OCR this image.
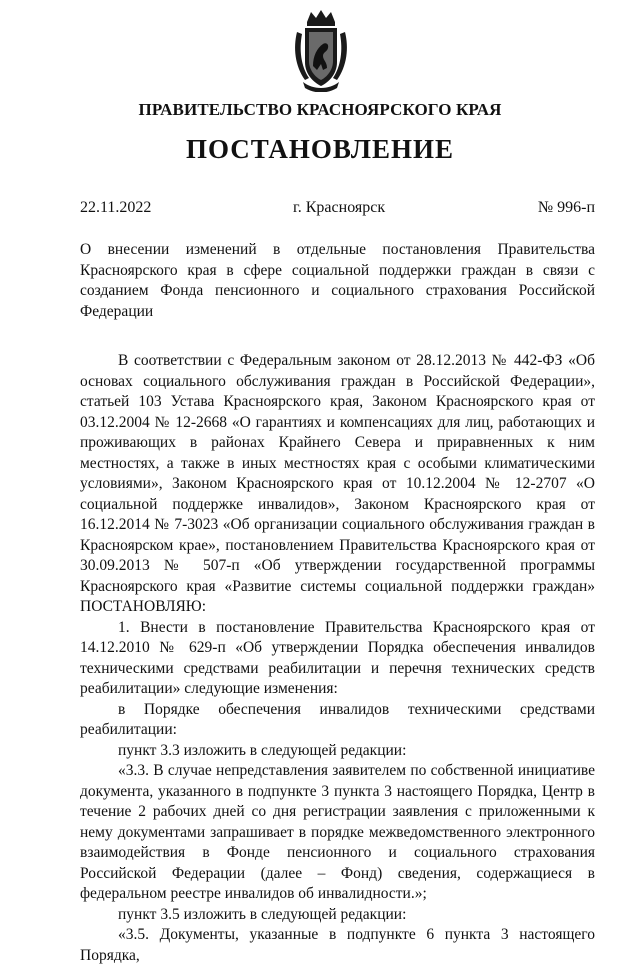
ПРАВИТЕЛЬСТВО КРАСНОЯРСКОГО КРАЯ
ПОСТАНОВЛЕНИЕ
22.11.2022	г. Красноярск	№ 996-п
О внесении изменений в отдельные постановления Правительства Красноярского края в сфере социальной поддержки граждан в связи с созданием Фонда пенсионного и социального страхования Российской Федерации

В соответствии с Федеральным законом от 28.12.2013 № 442-ФЗ «Об основах социального обслуживания граждан в Российской Федерации», статьей 103 Устава Красноярского края, Законом Красноярского края от 03.12.2004 № 12-2668 «О гарантиях и компенсациях для лиц, работающих и проживающих в районах Крайнего Севера и приравненных к ним местностях, а также в иных местностях края с особыми климатическими условиями», Законом Красноярского края от 10.12.2004 № 12-2707 «О социальной поддержке инвалидов», Законом Красноярского края от 16.12.2014 № 7-3023 «Об организации социального обслуживания граждан в Красноярском крае», постановлением Правительства Красноярского края от 30.09.2013 № 507-п «Об утверждении государственной программы Красноярского края «Развитие системы социальной поддержки граждан» ПОСТАНОВЛЯЮ:

1. Внести в постановление Правительства Красноярского края от 14.12.2010 № 629-п «Об утверждении Порядка обеспечения инвалидов техническими средствами реабилитации и перечня технических средств реабилитации» следующие изменения:

в Порядке обеспечения инвалидов техническими средствами реабилитации:

пункт 3.3 изложить в следующей редакции:

«3.3. В случае непредставления заявителем по собственной инициативе документа, указанного в подпункте 3 пункта 3 настоящего Порядка, Центр в течение 2 рабочих дней со дня регистрации заявления с приложенными к нему документами запрашивает в порядке межведомственного электронного взаимодействия в Фонде пенсионного и социального страхования Российской Федерации (далее – Фонд) сведения, содержащиеся в федеральном реестре инвалидов об инвалидности.»;

пункт 3.5 изложить в следующей редакции:

«3.5. Документы, указанные в подпункте 6 пункта 3 настоящего Порядка,
